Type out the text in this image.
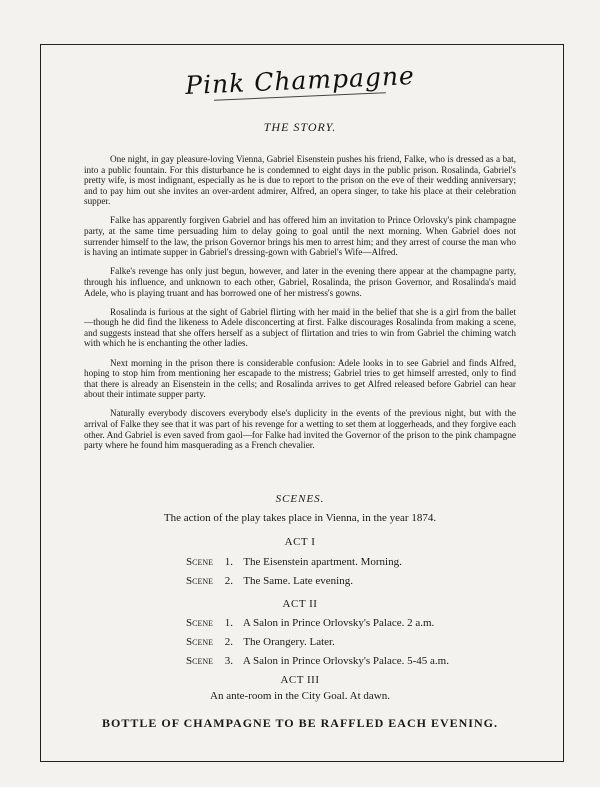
Pink Champagne
THE STORY.

One night, in gay pleasure-loving Vienna, Gabriel Eisenstein pushes his friend, Falke, who is dressed as a bat, into a public fountain. For this disturbance he is condemned to eight days in the public prison. Rosalinda, Gabriel's pretty wife, is most indignant, especially as he is due to report to the prison on the eve of their wedding anniversary; and to pay him out she invites an over-ardent admirer, Alfred, an opera singer, to take his place at their celebration supper.

Falke has apparently forgiven Gabriel and has offered him an invitation to Prince Orlovsky's pink champagne party, at the same time persuading him to delay going to goal until the next morning. When Gabriel does not surrender himself to the law, the prison Governor brings his men to arrest him; and they arrest of course the man who is having an intimate supper in Gabriel's dressing-gown with Gabriel's Wife—Alfred.

Falke's revenge has only just begun, however, and later in the evening there appear at the champagne party, through his influence, and unknown to each other, Gabriel, Rosalinda, the prison Governor, and Rosalinda's maid Adele, who is playing truant and has borrowed one of her mistress's gowns.

Rosalinda is furious at the sight of Gabriel flirting with her maid in the belief that she is a girl from the ballet—though he did find the likeness to Adele disconcerting at first. Falke discourages Rosalinda from making a scene, and suggests instead that she offers herself as a subject of flirtation and tries to win from Gabriel the chiming watch with which he is enchanting the other ladies.

Next morning in the prison there is considerable confusion: Adele looks in to see Gabriel and finds Alfred, hoping to stop him from mentioning her escapade to the mistress; Gabriel tries to get himself arrested, only to find that there is already an Eisenstein in the cells; and Rosalinda arrives to get Alfred released before Gabriel can hear about their intimate supper party.

Naturally everybody discovers everybody else's duplicity in the events of the previous night, but with the arrival of Falke they see that it was part of his revenge for a wetting to set them at loggerheads, and they forgive each other. And Gabriel is even saved from gaol—for Falke had invited the Governor of the prison to the pink champagne party where he found him masquerading as a French chevalier.

SCENES.
The action of the play takes place in Vienna, in the year 1874.
ACT I
Scene 1. The Eisenstein apartment. Morning.
Scene 2. The Same. Late evening.
ACT II
Scene 1. A Salon in Prince Orlovsky's Palace. 2 a.m.
Scene 2. The Orangery. Later.
Scene 3. A Salon in Prince Orlovsky's Palace. 5-45 a.m.
ACT III
An ante-room in the City Goal. At dawn.
BOTTLE OF CHAMPAGNE TO BE RAFFLED EACH EVENING.
